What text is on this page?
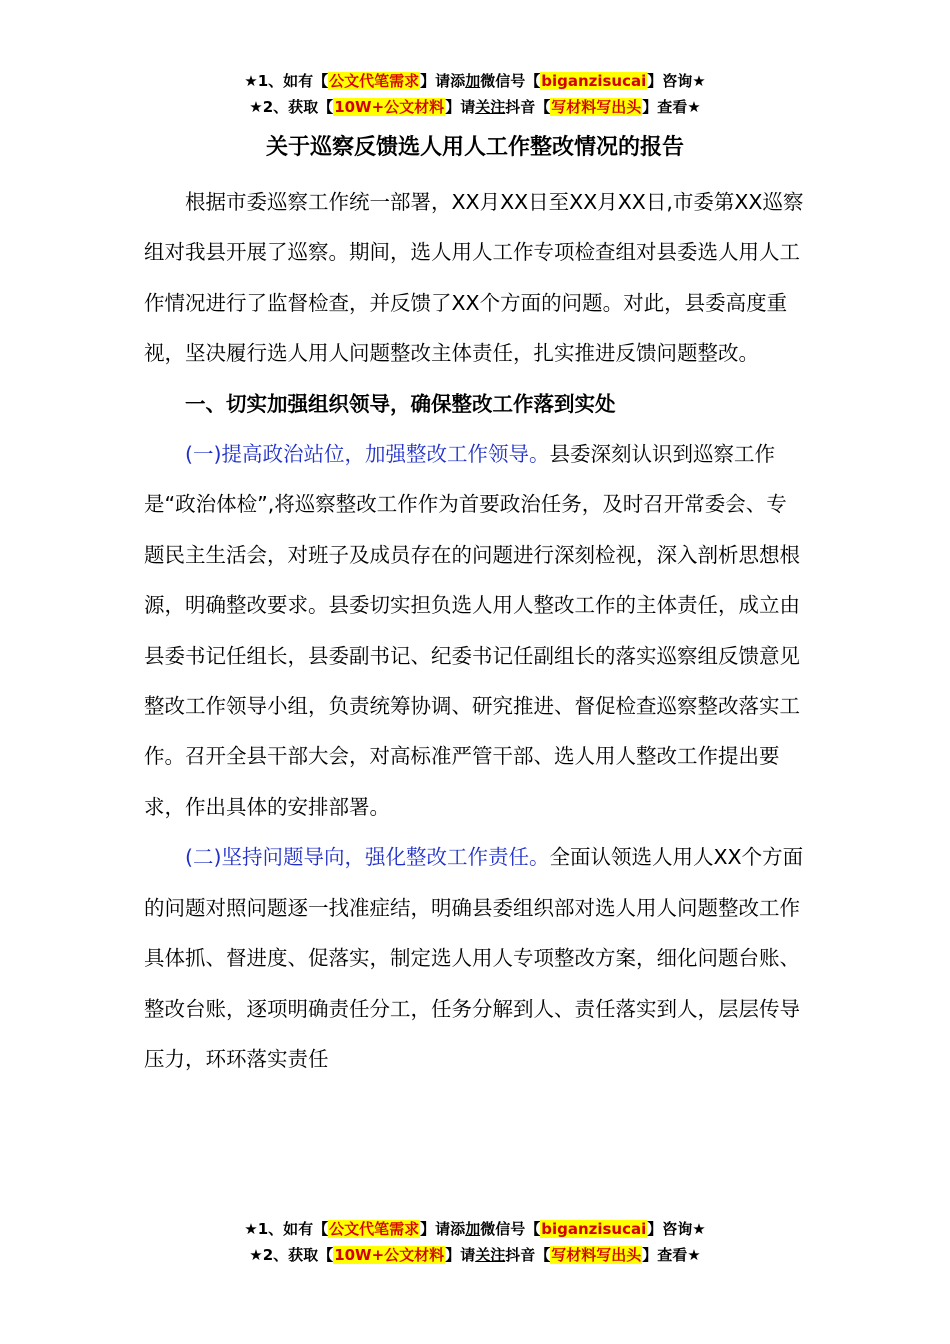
★1、如有【公文代笔需求】请添加微信号【biganzisucai】咨询★
★2、获取【10W+公文材料】请关注抖音【写材料写出头】查看★
关于巡察反馈选人用人工作整改情况的报告

根据市委巡察工作统一部署，XX月XX日至XX月XX日,市委第XX巡察组对我县开展了巡察。期间，选人用人工作专项检查组对县委选人用人工作情况进行了监督检查，并反馈了XX个方面的问题。对此，县委高度重视，坚决履行选人用人问题整改主体责任，扎实推进反馈问题整改。

一、切实加强组织领导，确保整改工作落到实处

(一)提高政治站位，加强整改工作领导。县委深刻认识到巡察工作是“政治体检”,将巡察整改工作作为首要政治任务，及时召开常委会、专题民主生活会，对班子及成员存在的问题进行深刻检视，深入剖析思想根源，明确整改要求。县委切实担负选人用人整改工作的主体责任，成立由县委书记任组长，县委副书记、纪委书记任副组长的落实巡察组反馈意见整改工作领导小组，负责统筹协调、研究推进、督促检查巡察整改落实工作。召开全县干部大会，对高标准严管干部、选人用人整改工作提出要求，作出具体的安排部署。

(二)坚持问题导向，强化整改工作责任。全面认领选人用人XX个方面的问题对照问题逐一找准症结，明确县委组织部对选人用人问题整改工作具体抓、督进度、促落实，制定选人用人专项整改方案，细化问题台账、整改台账，逐项明确责任分工，任务分解到人、责任落实到人，层层传导压力，环环落实责任

★1、如有【公文代笔需求】请添加微信号【biganzisucai】咨询★
★2、获取【10W+公文材料】请关注抖音【写材料写出头】查看★
